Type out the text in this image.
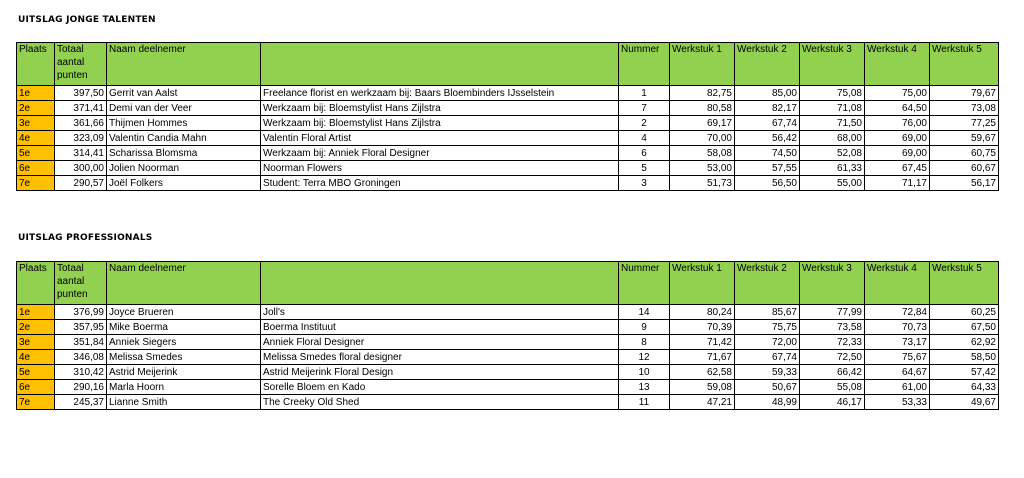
UITSLAG JONGE TALENTEN
Plaats	Totaal aantal punten	Naam deelnemer		Nummer	Werkstuk 1	Werkstuk 2	Werkstuk 3	Werkstuk 4	Werkstuk 5
1e	397,50	Gerrit van Aalst	Freelance florist en werkzaam bij: Baars Bloembinders IJsselstein	1	82,75	85,00	75,08	75,00	79,67
2e	371,41	Demi van der Veer	Werkzaam bij: Bloemstylist Hans Zijlstra	7	80,58	82,17	71,08	64,50	73,08
3e	361,66	Thijmen Hommes	Werkzaam bij: Bloemstylist Hans Zijlstra	2	69,17	67,74	71,50	76,00	77,25
4e	323,09	Valentin Candia Mahn	Valentin Floral Artist	4	70,00	56,42	68,00	69,00	59,67
5e	314,41	Scharissa Blomsma	Werkzaam bij: Anniek Floral Designer	6	58,08	74,50	52,08	69,00	60,75
6e	300,00	Jolien Noorman	Noorman Flowers	5	53,00	57,55	61,33	67,45	60,67
7e	290,57	Joël Folkers	Student: Terra MBO Groningen	3	51,73	56,50	55,00	71,17	56,17
UITSLAG PROFESSIONALS
Plaats	Totaal aantal punten	Naam deelnemer		Nummer	Werkstuk 1	Werkstuk 2	Werkstuk 3	Werkstuk 4	Werkstuk 5
1e	376,99	Joyce Brueren	Joll's	14	80,24	85,67	77,99	72,84	60,25
2e	357,95	Mike Boerma	Boerma Instituut	9	70,39	75,75	73,58	70,73	67,50
3e	351,84	Anniek Siegers	Anniek Floral Designer	8	71,42	72,00	72,33	73,17	62,92
4e	346,08	Melissa Smedes	Melissa Smedes floral designer	12	71,67	67,74	72,50	75,67	58,50
5e	310,42	Astrid Meijerink	Astrid Meijerink Floral Design	10	62,58	59,33	66,42	64,67	57,42
6e	290,16	Marla Hoorn	Sorelle Bloem en Kado	13	59,08	50,67	55,08	61,00	64,33
7e	245,37	Lianne Smith	The Creeky Old Shed	11	47,21	48,99	46,17	53,33	49,67
